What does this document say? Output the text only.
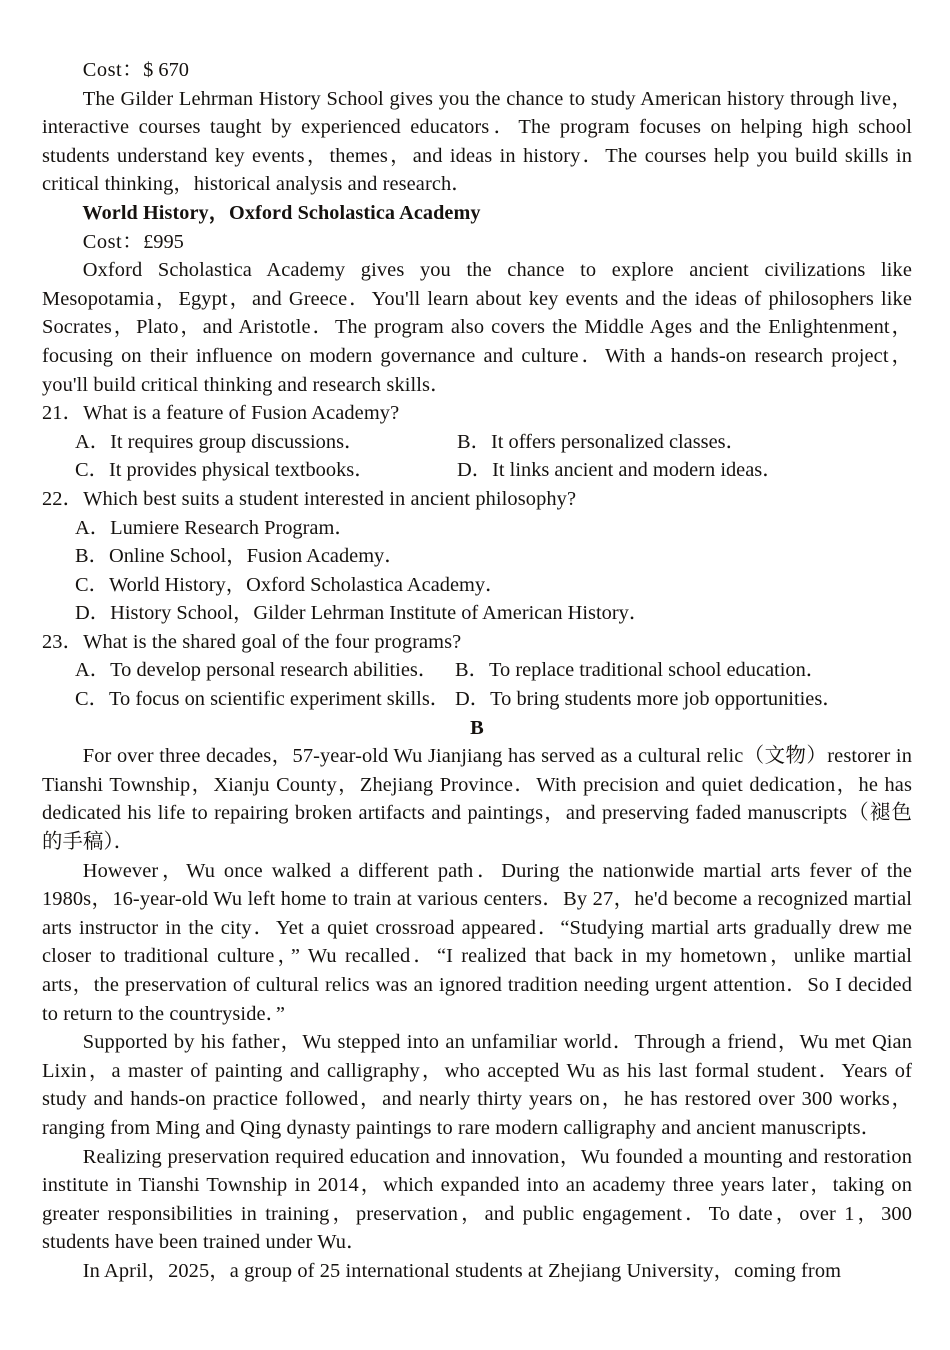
Cost：$ 670

The Gilder Lehrman History School gives you the chance to study American history through live，interactive courses taught by experienced educators．The program focuses on helping high school students understand key events，themes，and ideas in history．The courses help you build skills in critical thinking，historical analysis and research．

World History，Oxford Scholastica Academy

Cost：£995

Oxford Scholastica Academy gives you the chance to explore ancient civilizations like Mesopotamia，Egypt，and Greece．You'll learn about key events and the ideas of philosophers like Socrates，Plato，and Aristotle．The program also covers the Middle Ages and the Enlightenment，focusing on their influence on modern governance and culture．With a hands-on research project，you'll build critical thinking and research skills．

21．What is a feature of Fusion Academy?

A．It requires group discussions．	B．It offers personalized classes．
C．It provides physical textbooks．	D．It links ancient and modern ideas．

22．Which best suits a student interested in ancient philosophy?

A．Lumiere Research Program．
B．Online School，Fusion Academy．
C．World History，Oxford Scholastica Academy．
D．History School，Gilder Lehrman Institute of American History．

23．What is the shared goal of the four programs?

A．To develop personal research abilities． B．To replace traditional school education．
C．To focus on scientific experiment skills． D．To bring students more job opportunities．

B

For over three decades，57-year-old Wu Jianjiang has served as a cultural relic（文物）restorer in Tianshi Township，Xianju County，Zhejiang Province．With precision and quiet dedication，he has dedicated his life to repairing broken artifacts and paintings，and preserving faded manuscripts（褪色的手稿）．

However，Wu once walked a different path．During the nationwide martial arts fever of the 1980s，16-year-old Wu left home to train at various centers．By 27，he'd become a recognized martial arts instructor in the city．Yet a quiet crossroad appeared．“Studying martial arts gradually drew me closer to traditional culture，” Wu recalled．“I realized that back in my hometown，unlike martial arts，the preservation of cultural relics was an ignored tradition needing urgent attention．So I decided to return to the countryside．”

Supported by his father，Wu stepped into an unfamiliar world．Through a friend，Wu met Qian Lixin，a master of painting and calligraphy，who accepted Wu as his last formal student．Years of study and hands-on practice followed，and nearly thirty years on，he has restored over 300 works，ranging from Ming and Qing dynasty paintings to rare modern calligraphy and ancient manuscripts．

Realizing preservation required education and innovation，Wu founded a mounting and restoration institute in Tianshi Township in 2014，which expanded into an academy three years later，taking on greater responsibilities in training，preservation，and public engagement．To date，over 1，300 students have been trained under Wu．

In April，2025，a group of 25 international students at Zhejiang University，coming from
